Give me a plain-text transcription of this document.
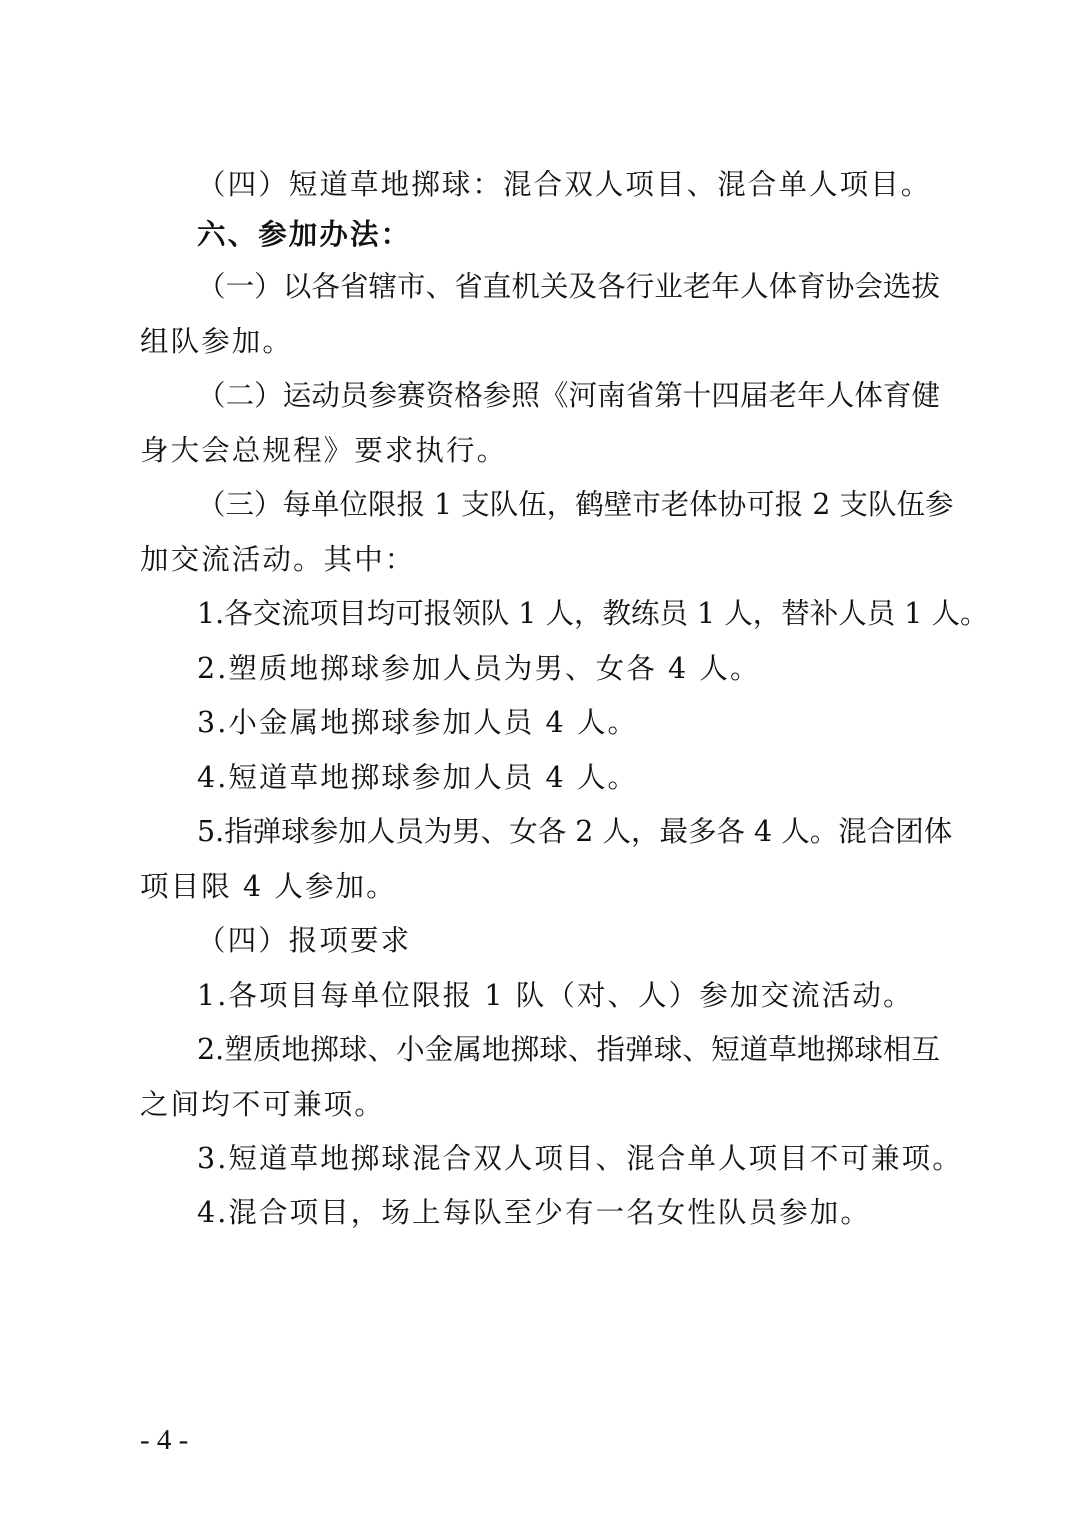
（四）短道草地掷球：混合双人项目、混合单人项目。
六、参加办法：
（一）以各省辖市、省直机关及各行业老年人体育协会选拔
组队参加。
（二）运动员参赛资格参照《河南省第十四届老年人体育健
身大会总规程》要求执行。
（三）每单位限报 1 支队伍，鹤壁市老体协可报 2 支队伍参
加交流活动。其中：
1.各交流项目均可报领队 1 人，教练员 1 人，替补人员 1 人。
2.塑质地掷球参加人员为男、女各 4 人。
3.小金属地掷球参加人员 4 人。
4.短道草地掷球参加人员 4 人。
5.指弹球参加人员为男、女各 2 人，最多各 4 人。混合团体
项目限 4 人参加。
（四）报项要求
1.各项目每单位限报 1 队（对、人）参加交流活动。
2.塑质地掷球、小金属地掷球、指弹球、短道草地掷球相互
之间均不可兼项。
3.短道草地掷球混合双人项目、混合单人项目不可兼项。
4.混合项目，场上每队至少有一名女性队员参加。
- 4 -
